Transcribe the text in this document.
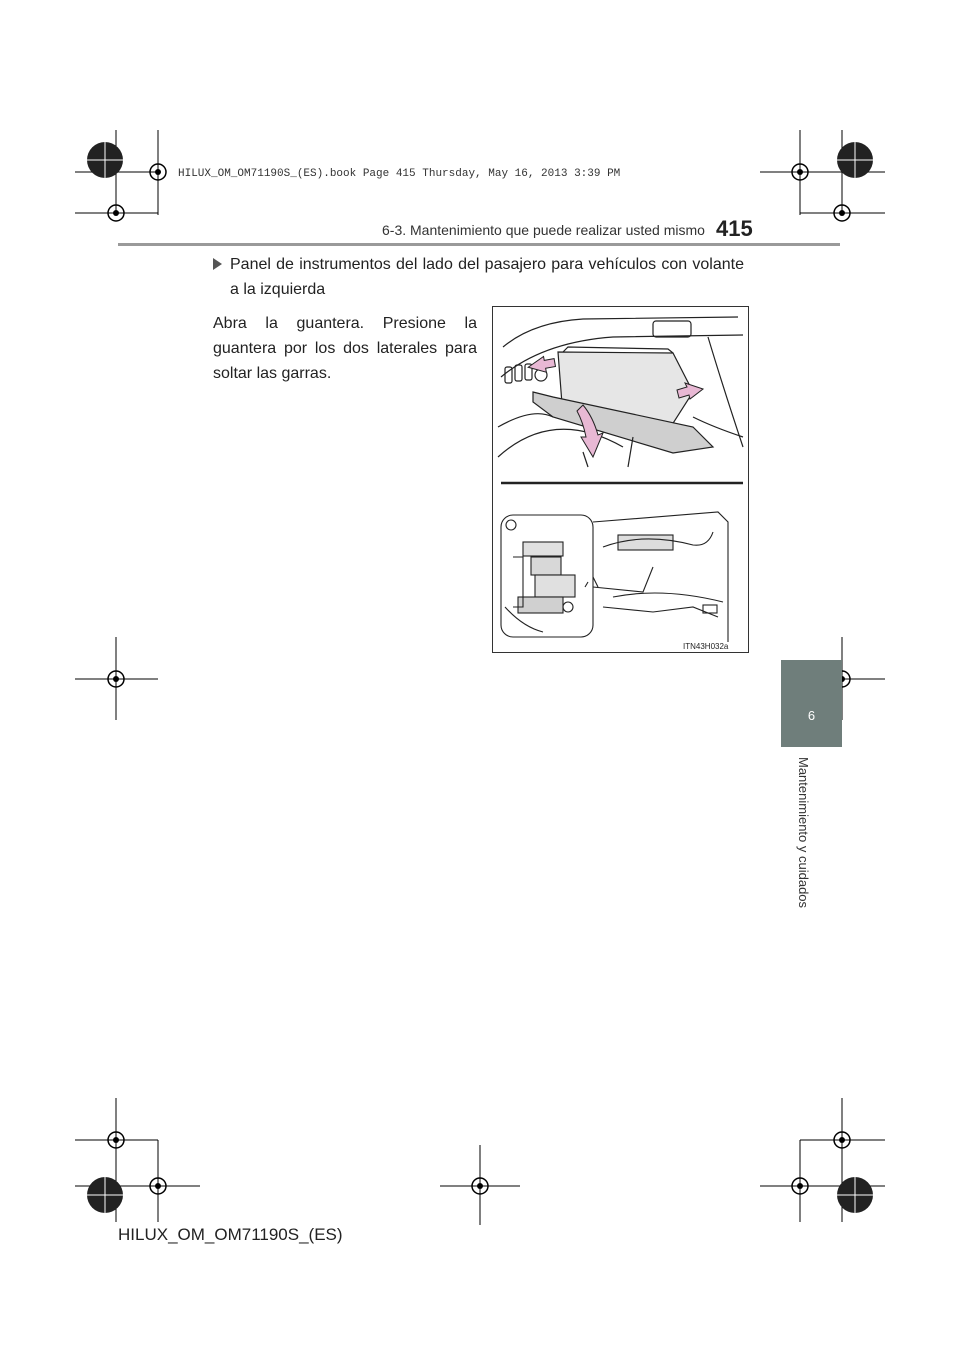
HILUX_OM_OM71190S_(ES).book Page 415 Thursday, May 16, 2013 3:39 PM
6-3. Mantenimiento que puede realizar usted mismo 415
Panel de instrumentos del lado del pasajero para vehículos con volante a la izquierda
Abra la guantera. Presione la guantera por los dos laterales para soltar las garras.
ITN43H032a
6
Mantenimiento y cuidados
HILUX_OM_OM71190S_(ES)
